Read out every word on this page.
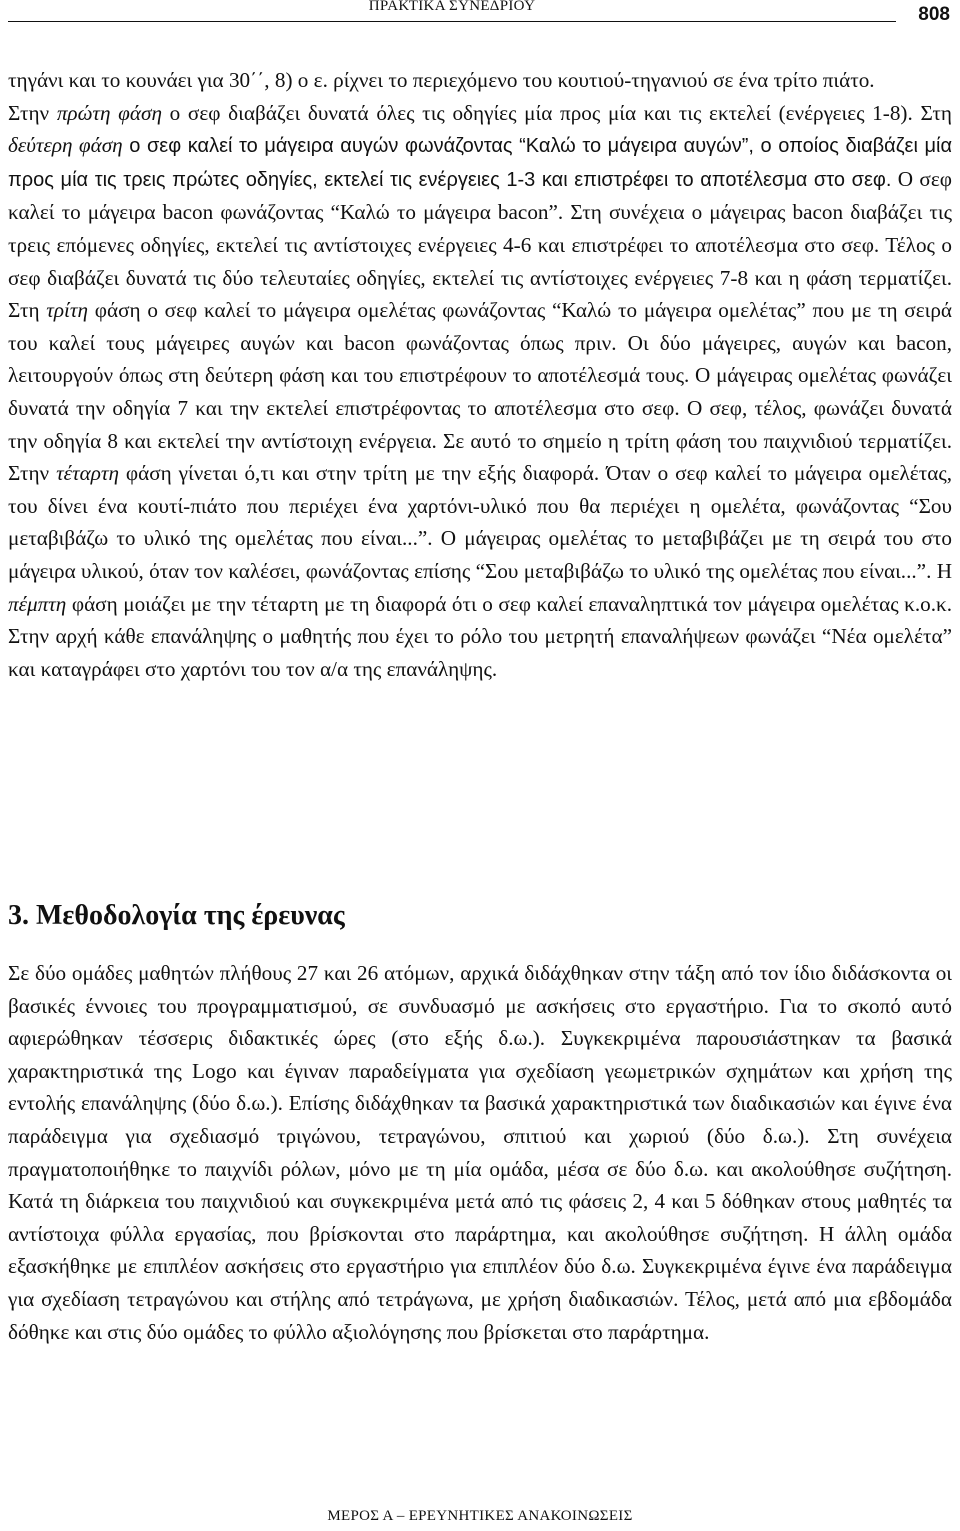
ΠΡΑΚΤΙΚΑ ΣΥΝΕΔΡΙΟΥ	808

τηγάνι και το κουνάει για 30΄΄, 8) ο ε. ρίχνει το περιεχόμενο του κουτιού-τηγανιού σε ένα τρίτο πιάτο.

Στην πρώτη φάση ο σεφ διαβάζει δυνατά όλες τις οδηγίες μία προς μία και τις εκτελεί (ενέργειες 1-8). Στη δεύτερη φάση ο σεφ καλεί το μάγειρα αυγών φωνάζοντας “Καλώ το μάγειρα αυγών”, ο οποίος διαβάζει μία προς μία τις τρεις πρώτες οδηγίες, εκτελεί τις ενέργειες 1-3 και επιστρέφει το αποτέλεσμα στο σεφ. Ο σεφ καλεί το μάγειρα bacon φωνάζοντας “Καλώ το μάγειρα bacon”. Στη συνέχεια ο μάγειρας bacon διαβάζει τις τρεις επόμενες οδηγίες, εκτελεί τις αντίστοιχες ενέργειες 4-6 και επιστρέφει το αποτέλεσμα στο σεφ. Τέλος ο σεφ διαβάζει δυνατά τις δύο τελευταίες οδηγίες, εκτελεί τις αντίστοιχες ενέργειες 7-8 και η φάση τερματίζει. Στη τρίτη φάση ο σεφ καλεί το μάγειρα ομελέτας φωνάζοντας “Καλώ το μάγειρα ομελέτας” που με τη σειρά του καλεί τους μάγειρες αυγών και bacon φωνάζοντας όπως πριν. Οι δύο μάγειρες, αυγών και bacon, λειτουργούν όπως στη δεύτερη φάση και του επιστρέφουν το αποτέλεσμά τους. Ο μάγειρας ομελέτας φωνάζει δυνατά την οδηγία 7 και την εκτελεί επιστρέφοντας το αποτέλεσμα στο σεφ. Ο σεφ, τέλος, φωνάζει δυνατά την οδηγία 8 και εκτελεί την αντίστοιχη ενέργεια. Σε αυτό το σημείο η τρίτη φάση του παιχνιδιού τερματίζει. Στην τέταρτη φάση γίνεται ό,τι και στην τρίτη με την εξής διαφορά. Όταν ο σεφ καλεί το μάγειρα ομελέτας, του δίνει ένα κουτί-πιάτο που περιέχει ένα χαρτόνι-υλικό που θα περιέχει η ομελέτα, φωνάζοντας “Σου μεταβιβάζω το υλικό της ομελέτας που είναι...”. Ο μάγειρας ομελέτας το μεταβιβάζει με τη σειρά του στο μάγειρα υλικού, όταν τον καλέσει, φωνάζοντας επίσης “Σου μεταβιβάζω το υλικό της ομελέτας που είναι...”. Η πέμπτη φάση μοιάζει με την τέταρτη με τη διαφορά ότι ο σεφ καλεί επαναληπτικά τον μάγειρα ομελέτας κ.ο.κ. Στην αρχή κάθε επανάληψης ο μαθητής που έχει το ρόλο του μετρητή επαναλήψεων φωνάζει “Νέα ομελέτα” και καταγράφει στο χαρτόνι του τον α/α της επανάληψης.

3. Μεθοδολογία της έρευνας

Σε δύο ομάδες μαθητών πλήθους 27 και 26 ατόμων, αρχικά διδάχθηκαν στην τάξη από τον ίδιο διδάσκοντα οι βασικές έννοιες του προγραμματισμού, σε συνδυασμό με ασκήσεις στο εργαστήριο. Για το σκοπό αυτό αφιερώθηκαν τέσσερις διδακτικές ώρες (στο εξής δ.ω.). Συγκεκριμένα παρουσιάστηκαν τα βασικά χαρακτηριστικά της Logo και έγιναν παραδείγματα για σχεδίαση γεωμετρικών σχημάτων και χρήση της εντολής επανάληψης (δύο δ.ω.). Επίσης διδάχθηκαν τα βασικά χαρακτηριστικά των διαδικασιών και έγινε ένα παράδειγμα για σχεδιασμό τριγώνου, τετραγώνου, σπιτιού και χωριού (δύο δ.ω.). Στη συνέχεια πραγματοποιήθηκε το παιχνίδι ρόλων, μόνο με τη μία ομάδα, μέσα σε δύο δ.ω. και ακολούθησε συζήτηση. Κατά τη διάρκεια του παιχνιδιού και συγκεκριμένα μετά από τις φάσεις 2, 4 και 5 δόθηκαν στους μαθητές τα αντίστοιχα φύλλα εργασίας, που βρίσκονται στο παράρτημα, και ακολούθησε συζήτηση. Η άλλη ομάδα εξασκήθηκε με επιπλέον ασκήσεις στο εργαστήριο για επιπλέον δύο δ.ω. Συγκεκριμένα έγινε ένα παράδειγμα για σχεδίαση τετραγώνου και στήλης από τετράγωνα, με χρήση διαδικασιών. Τέλος, μετά από μια εβδομάδα δόθηκε και στις δύο ομάδες το φύλλο αξιολόγησης που βρίσκεται στο παράρτημα.

ΜΕΡΟΣ Α – ΕΡΕΥΝΗΤΙΚΕΣ ΑΝΑΚΟΙΝΩΣΕΙΣ
